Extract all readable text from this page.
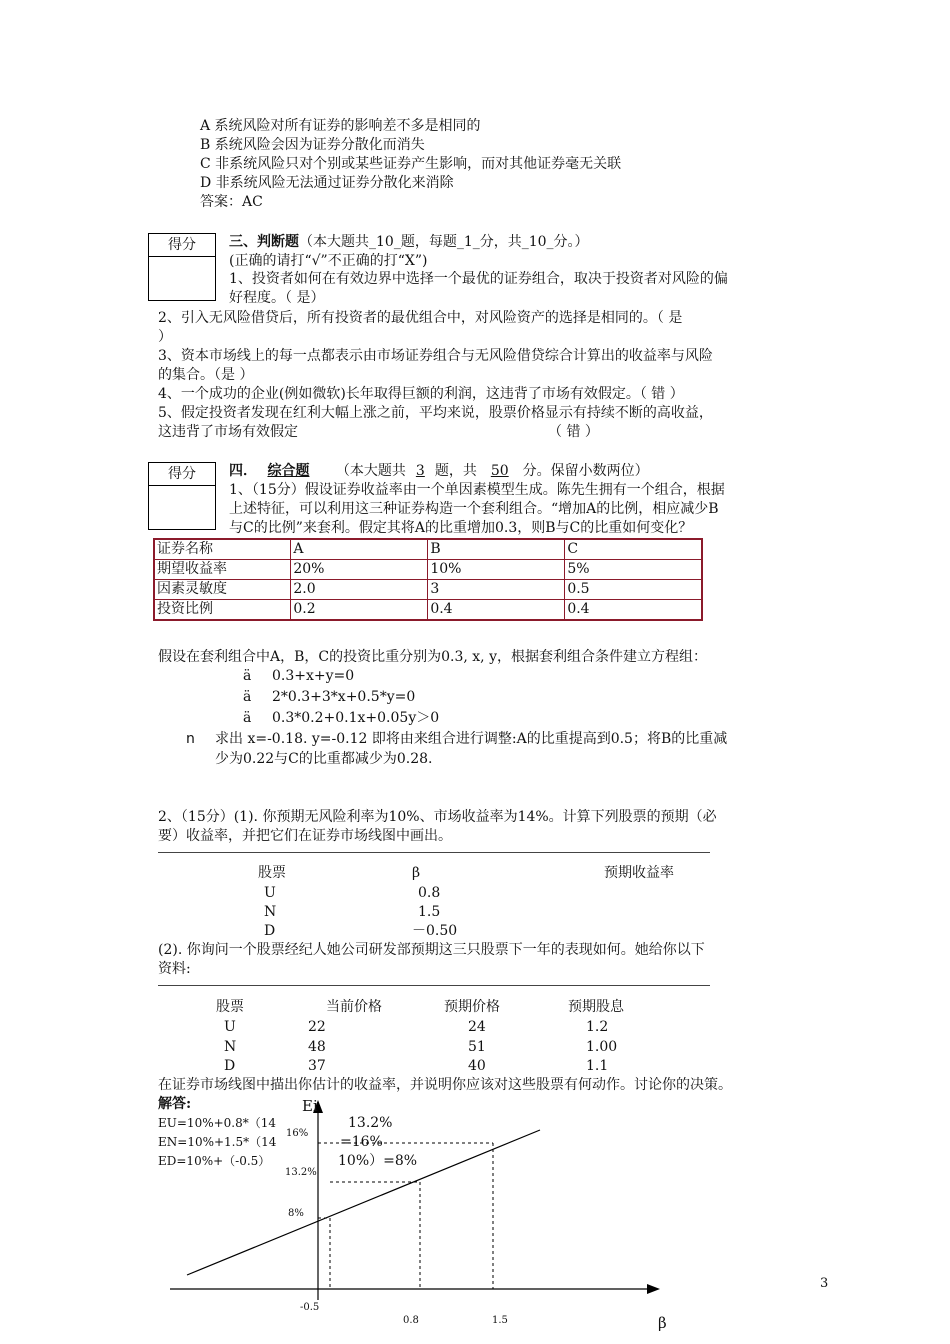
A 系统风险对所有证券的影响差不多是相同的
B 系统风险会因为证券分散化而消失
C 非系统风险只对个别或某些证券产生影响，而对其他证券毫无关联
D 非系统风险无法通过证券分散化来消除
答案：AC
得分	三、判断题（本大题共_10_题，每题_1_分，共_10_分。）
(正确的请打“√”不正确的打“X”)
1、投资者如何在有效边界中选择一个最优的证券组合，取决于投资者对风险的偏
好程度。（ 是）
2、引入无风险借贷后，所有投资者的最优组合中，对风险资产的选择是相同的。（ 是
）
3、资本市场线上的每一点都表示由市场证券组合与无风险借贷综合计算出的收益率与风险
的集合。（是 ）
4、一个成功的企业(例如微软)长年取得巨额的利润，这违背了市场有效假定。（ 错 ）
5、假定投资者发现在红利大幅上涨之前，平均来说，股票价格显示有持续不断的高收益，
这违背了市场有效假定	（ 错 ）
得分	四． 综合题 （本大题共 3 题，共 50 分。保留小数两位）
1、（15分）假设证券收益率由一个单因素模型生成。陈先生拥有一个组合，根据
上述特征，可以利用这三种证券构造一个套利组合。“增加A的比例，相应减少B
与C的比例”来套利。假定其将A的比重增加0.3，则B与C的比重如何变化？
证券名称	A	B	C
期望收益率	20%	10%	5%
因素灵敏度	2.0	3	0.5
投资比例	0.2	0.4	0.4
假设在套利组合中A，B，C的投资比重分别为0.3, x, y，根据套利组合条件建立方程组：
ä 0.3+x+y=0
ä 2*0.3+3*x+0.5*y=0
ä 0.3*0.2+0.1x+0.05y＞0
n 求出 x=-0.18. y=-0.12 即将由来组合进行调整:A的比重提高到0.5；将B的比重减
少为0.22与C的比重都减少为0.28.
2、（15分）(1). 你预期无风险利率为10%、市场收益率为14%。计算下列股票的预期（必
要）收益率，并把它们在证券市场线图中画出。
股票	β	预期收益率
U	0.8
N	1.5
D	－0.50
(2). 你询问一个股票经纪人她公司研发部预期这三只股票下一年的表现如何。她给你以下
资料:
股票	当前价格	预期价格	预期股息
U	22	24	1.2
N	48	51	1.00
D	37	40	1.1
在证券市场线图中描出你估计的收益率，并说明你应该对这些股票有何动作。讨论你的决策。
解答:
EU=10%+0.8*（14
EN=10%+1.5*（14
ED=10%+（-0.5）
13.2%
=16%
10%）=8%
Ei
16%
13.2%
8%
-0.5
0.8	1.5	β
3
